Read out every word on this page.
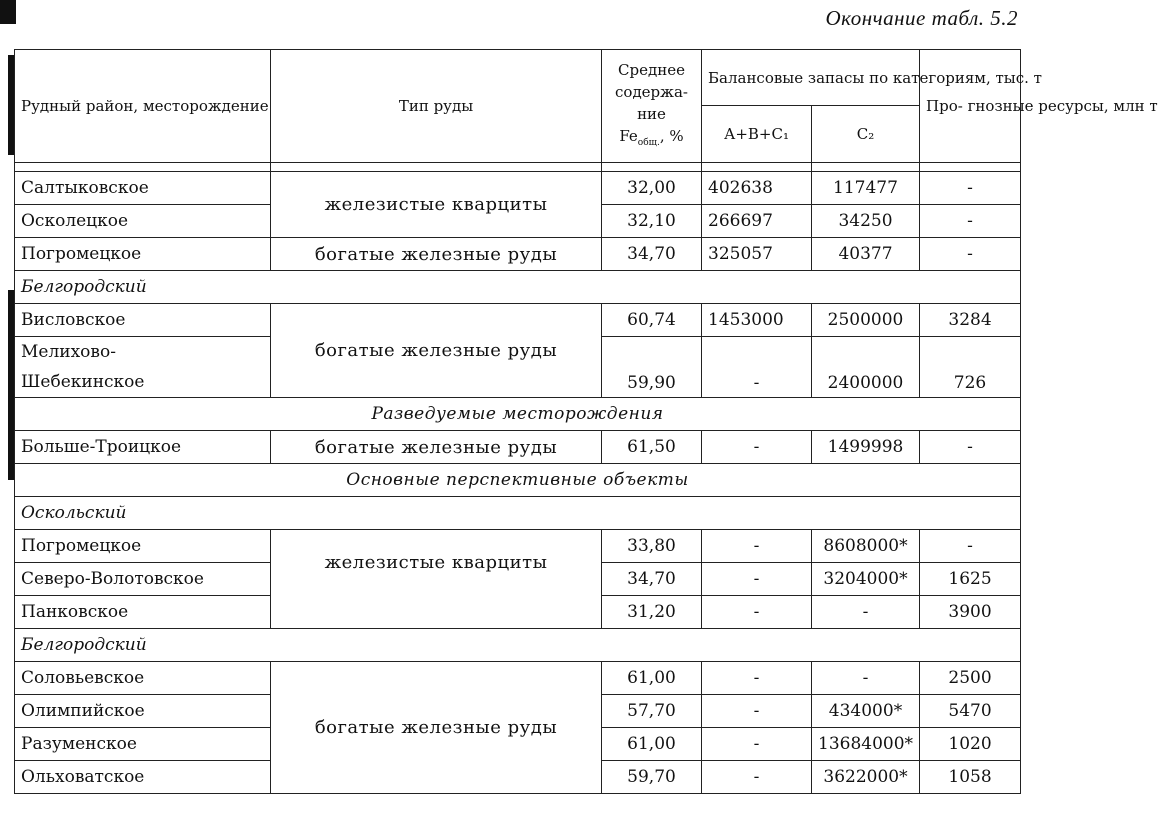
Окончание табл. 5.2
Рудный район, месторождение	Тип руды	Среднее
содержа-
ние
$Fe_{общ.}$, %	Балансовые запасы по категориям, тыс. т		Про- гнозные ресурсы, млн т
			А+В+С₁	С₂	

Салтыковское	железистые кварциты	32,00	402638	117477	-
Осколецкое		32,10	266697	34250	-
Погромецкое	богатые железные руды	34,70	325057	40377	-
Белгородский					
Висловское	богатые железные руды	60,74	1453000	2500000	3284
Мелихово-
Шебекинское		59,90	-	2400000	726
Разведуемые месторождения					
Больше-Троицкое	богатые железные руды	61,50	-	1499998	-
Основные перспективные объекты					
Оскольский					
Погромецкое	железистые кварциты	33,80	-	8608000*	-
Северо-Волотовское		34,70	-	3204000*	1625
Панковское		31,20	-	-	3900
Белгородский					
Соловьевское	богатые железные руды	61,00	-	-	2500
Олимпийское		57,70	-	434000*	5470
Разуменское		61,00	-	13684000*	1020
Ольховатское		59,70	-	3622000*	1058
